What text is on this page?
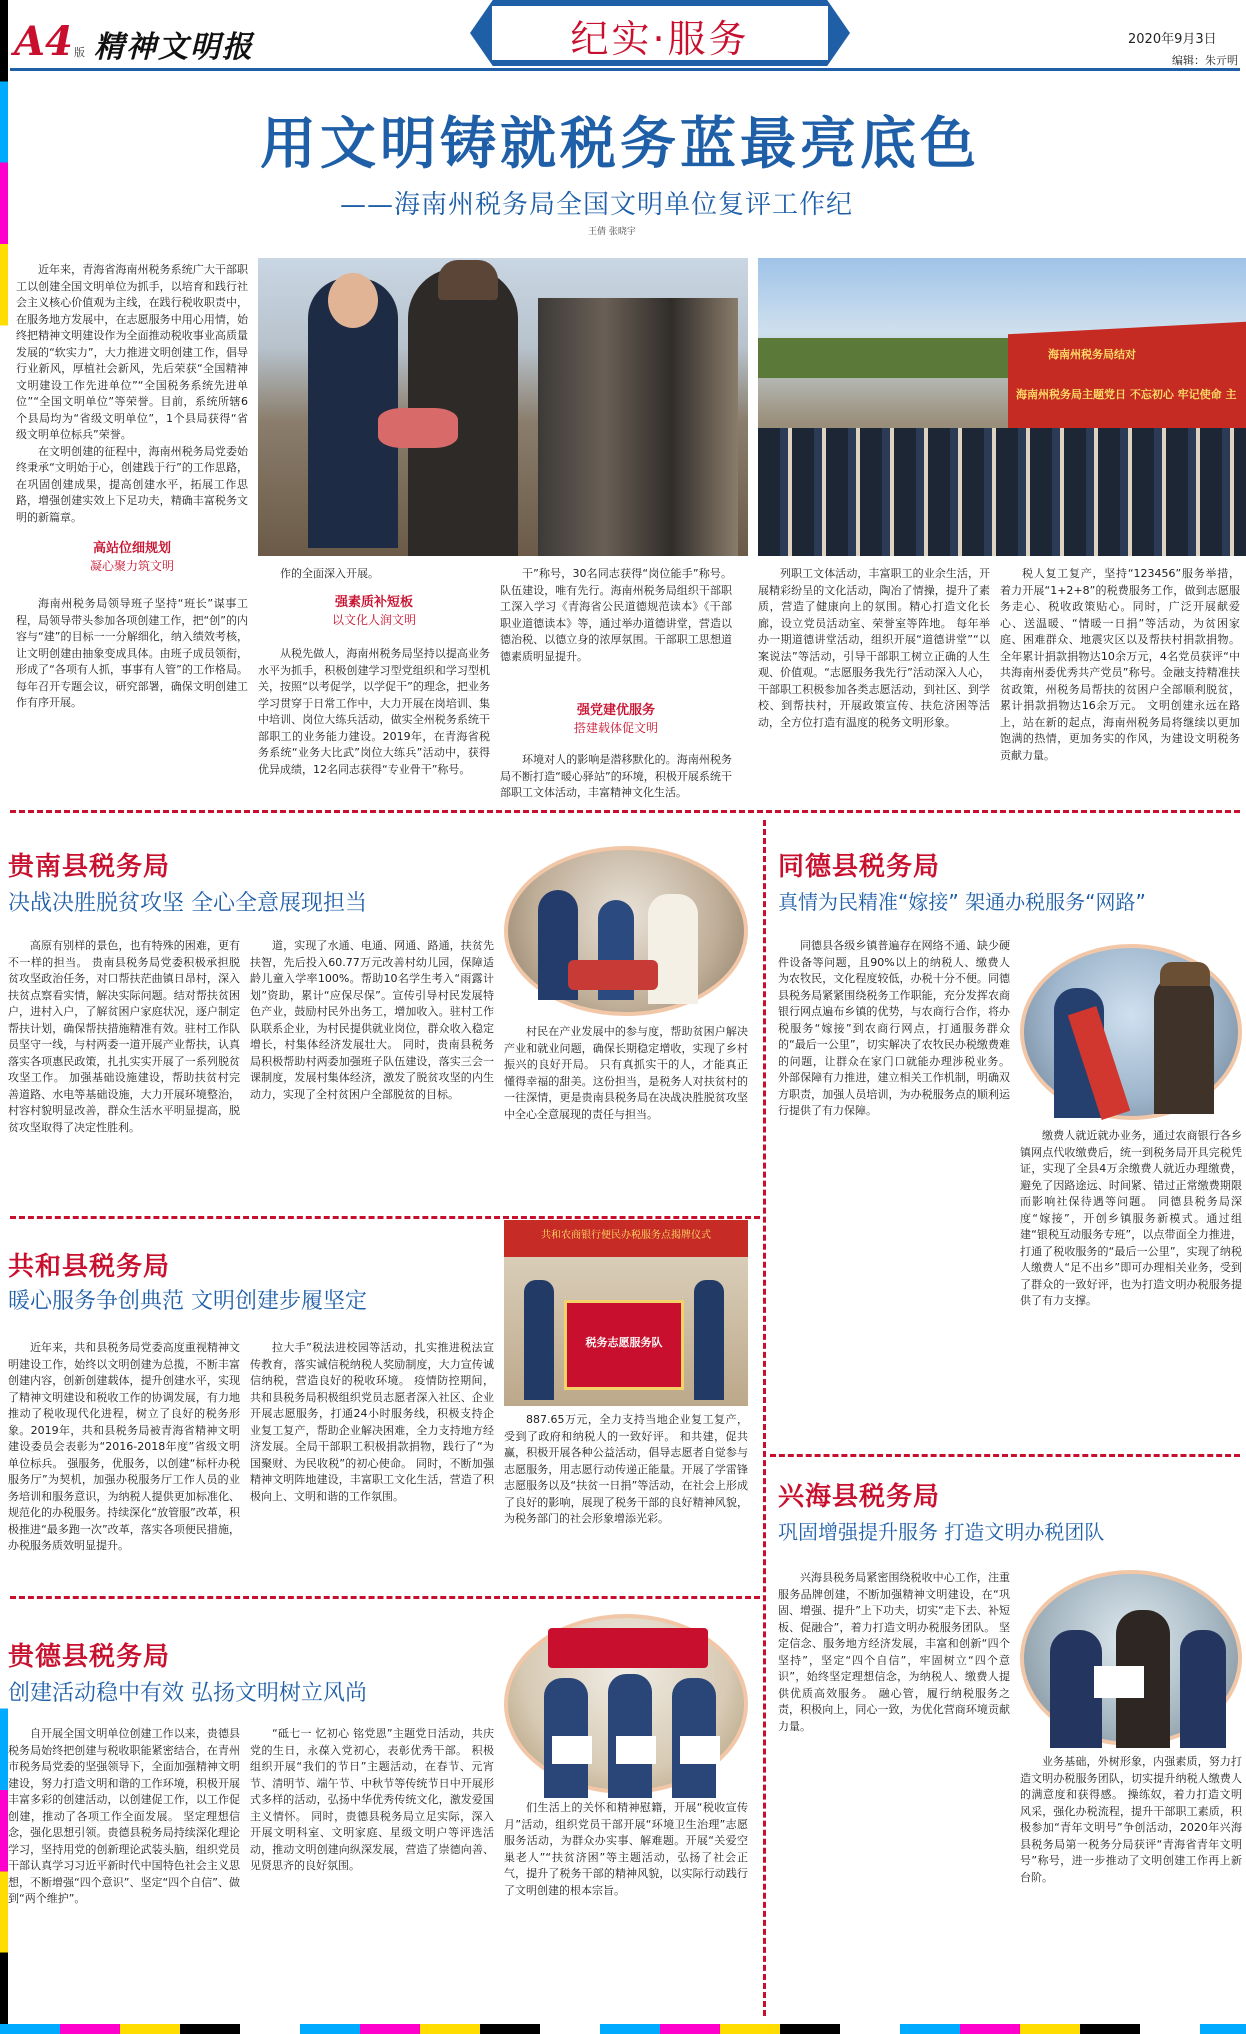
A4 版 精神文明报	纪实·服务	2020年9月3日
编辑：朱亓明
用文明铸就税务蓝最亮底色
——海南州税务局全国文明单位复评工作纪
王倩 张晓宇
海南州税务局结对
海南州税务局主题党日 不忘初心 牢记使命 主

近年来，青海省海南州税务系统广大干部职工以创建全国文明单位为抓手，以培育和践行社会主义核心价值观为主线，在践行税收职责中，在服务地方发展中，在志愿服务中用心用情，始终把精神文明建设作为全面推动税收事业高质量发展的“软实力”，大力推进文明创建工作，倡导行业新风，厚植社会新风，先后荣获“全国精神文明建设工作先进单位”“全国税务系统先进单位”“全国文明单位”等荣誉。目前，系统所辖6个县局均为“省级文明单位”，1个县局获得“省级文明单位标兵”荣誉。

在文明创建的征程中，海南州税务局党委始终秉承“文明始于心，创建践于行”的工作思路，在巩固创建成果，提高创建水平，拓展工作思路，增强创建实效上下足功夫，精确丰富税务文明的新篇章。

高站位细规划
凝心聚力筑文明

海南州税务局领导班子坚持“班长”谋事工程，局领导带头参加各项创建工作，把“创”的内容与“建”的目标一一分解细化，纳入绩效考核，让文明创建由抽象变成具体。由班子成员领衔，形成了“各项有人抓，事事有人管”的工作格局。每年召开专题会议，研究部署，确保文明创建工作有序开展。

作的全面深入开展。

强素质补短板
以文化人润文明

从税先做人，海南州税务局坚持以提高业务水平为抓手，积极创建学习型党组织和学习型机关，按照“以考促学，以学促干”的理念，把业务学习贯穿于日常工作中，大力开展在岗培训、集中培训、岗位大练兵活动，做实全州税务系统干部职工的业务能力建设。2019年，在青海省税务系统“业务大比武”岗位大练兵”活动中，获得优异成绩，12名同志获得“专业骨干”称号。

干”称号，30名同志获得“岗位能手”称号。 队伍建设，唯有先行。海南州税务局组织干部职工深入学习《青海省公民道德规范读本》《干部职业道德读本》等，通过举办道德讲堂，营造以德治税、以德立身的浓厚氛围。干部职工思想道德素质明显提升。

强党建优服务
搭建载体促文明

环境对人的影响是潜移默化的。海南州税务局不断打造“暖心驿站”的环境，积极开展系统干部职工文体活动，丰富精神文化生活。

列职工文体活动，丰富职工的业余生活，开展精彩纷呈的文化活动，陶冶了情操，提升了素质，营造了健康向上的氛围。精心打造文化长廊，设立党员活动室、荣誉室等阵地。 每年举办一期道德讲堂活动，组织开展“道德讲堂”“以案说法”等活动，引导干部职工树立正确的人生观、价值观。“志愿服务我先行”活动深入人心，干部职工积极参加各类志愿活动，到社区、到学校、到帮扶村，开展政策宣传、扶危济困等活动，全方位打造有温度的税务文明形象。

税人复工复产，坚持“123456”服务举措，着力开展“1+2+8”的税费服务工作，做到志愿服务走心、税收政策贴心。同时，广泛开展献爱心、送温暖、“情暖一日捐”等活动，为贫困家庭、困难群众、地震灾区以及帮扶村捐款捐物。全年累计捐款捐物达10余万元，4名党员获评“中共海南州委优秀共产党员”称号。金融支持精准扶贫政策，州税务局帮扶的贫困户全部顺利脱贫，累计捐款捐物达16余万元。 文明创建永远在路上，站在新的起点，海南州税务局将继续以更加饱满的热情，更加务实的作风，为建设文明税务贡献力量。

贵南县税务局
决战决胜脱贫攻坚 全心全意展现担当

高原有别样的景色，也有特殊的困难，更有不一样的担当。 贵南县税务局党委积极承担脱贫攻坚政治任务，对口帮扶茫曲镇日昂村，深入扶贫点察看实情，解决实际问题。结对帮扶贫困户，进村入户，了解贫困户家庭状况，逐户制定帮扶计划，确保帮扶措施精准有效。驻村工作队员坚守一线，与村两委一道开展产业帮扶，认真落实各项惠民政策，扎扎实实开展了一系列脱贫攻坚工作。 加强基础设施建设，帮助扶贫村完善道路、水电等基础设施，大力开展环境整治，村容村貌明显改善，群众生活水平明显提高，脱贫攻坚取得了决定性胜利。

道，实现了水通、电通、网通、路通，扶贫先扶智，先后投入60.77万元改善村幼儿园，保障适龄儿童入学率100%。帮助10名学生考入“雨露计划”资助，累计“应保尽保”。宣传引导村民发展特色产业，鼓励村民外出务工，增加收入。驻村工作队联系企业，为村民提供就业岗位，群众收入稳定增长，村集体经济发展壮大。 同时，贵南县税务局积极帮助村两委加强班子队伍建设，落实三会一课制度，发展村集体经济，激发了脱贫攻坚的内生动力，实现了全村贫困户全部脱贫的目标。

村民在产业发展中的参与度，帮助贫困户解决产业和就业问题，确保长期稳定增收，实现了乡村振兴的良好开局。 只有真抓实干的人，才能真正懂得幸福的甜美。这份担当，是税务人对扶贫村的一往深情，更是贵南县税务局在决战决胜脱贫攻坚中全心全意展现的责任与担当。

共和县税务局
暖心服务争创典范 文明创建步履坚定
共和农商银行便民办税服务点揭牌仪式
税务志愿服务队

近年来，共和县税务局党委高度重视精神文明建设工作，始终以文明创建为总揽，不断丰富创建内容，创新创建载体，提升创建水平，实现了精神文明建设和税收工作的协调发展，有力地推动了税收现代化进程，树立了良好的税务形象。2019年，共和县税务局被青海省精神文明建设委员会表彰为“2016-2018年度”省级文明单位标兵。 强服务，优服务，以创建“标杆办税服务厅”为契机，加强办税服务厅工作人员的业务培训和服务意识，为纳税人提供更加标准化、规范化的办税服务。持续深化“放管服”改革，积极推进“最多跑一次”改革，落实各项便民措施，办税服务质效明显提升。

拉大手”税法进校园等活动，扎实推进税法宣传教育，落实诚信税纳税人奖励制度，大力宣传诚信纳税，营造良好的税收环境。 疫情防控期间，共和县税务局积极组织党员志愿者深入社区、企业开展志愿服务，打通24小时服务线，积极支持企业复工复产，帮助企业解决困难，全力支持地方经济发展。全局干部职工积极捐款捐物，践行了“为国聚财、为民收税”的初心使命。 同时，不断加强精神文明阵地建设，丰富职工文化生活，营造了积极向上、文明和谐的工作氛围。

887.65万元，全力支持当地企业复工复产，受到了政府和纳税人的一致好评。 和共建，促共赢，积极开展各种公益活动，倡导志愿者自觉参与志愿服务，用志愿行动传递正能量。开展了学雷锋志愿服务以及“扶贫一日捐”等活动，在社会上形成了良好的影响，展现了税务干部的良好精神风貌，为税务部门的社会形象增添光彩。

贵德县税务局
创建活动稳中有效 弘扬文明树立风尚

自开展全国文明单位创建工作以来，贵德县税务局始终把创建与税收职能紧密结合，在青州市税务局党委的坚强领导下，全面加强精神文明建设，努力打造文明和谐的工作环境，积极开展丰富多彩的创建活动，以创建促工作，以工作促创建，推动了各项工作全面发展。 坚定理想信念，强化思想引领。贵德县税务局持续深化理论学习，坚持用党的创新理论武装头脑，组织党员干部认真学习习近平新时代中国特色社会主义思想，不断增强“四个意识”、坚定“四个自信”、做到“两个维护”。

“砥七一 忆初心 铭党恩”主题党日活动，共庆党的生日，永葆入党初心，表彰优秀干部。 积极组织开展“我们的节日”主题活动，在春节、元宵节、清明节、端午节、中秋节等传统节日中开展形式多样的活动，弘扬中华优秀传统文化，激发爱国主义情怀。 同时，贵德县税务局立足实际，深入开展文明科室、文明家庭、星级文明户等评选活动，推动文明创建向纵深发展，营造了崇德向善、见贤思齐的良好氛围。

们生活上的关怀和精神慰籍，开展“税收宣传月”活动，组织党员干部开展“环境卫生治理”志愿服务活动，为群众办实事、解难题。开展“关爱空巢老人”“扶贫济困”等主题活动，弘扬了社会正气，提升了税务干部的精神风貌，以实际行动践行了文明创建的根本宗旨。

同德县税务局
真情为民精准“嫁接” 架通办税服务“网路”

同德县各级乡镇普遍存在网络不通、缺少硬件设备等问题，且90%以上的纳税人、缴费人为农牧民，文化程度较低，办税十分不便。同德县税务局紧紧围绕税务工作职能，充分发挥农商银行网点遍布乡镇的优势，与农商行合作，将办税服务“嫁接”到农商行网点，打通服务群众的“最后一公里”，切实解决了农牧民办税缴费难的问题，让群众在家门口就能办理涉税业务。 外部保障有力推进，建立相关工作机制，明确双方职责，加强人员培训，为办税服务点的顺利运行提供了有力保障。

缴费人就近就办业务，通过农商银行各乡镇网点代收缴费后，统一到税务局开具完税凭证，实现了全县4万余缴费人就近办理缴费，避免了因路途远、时间紧、错过正常缴费期限而影响社保待遇等问题。 同德县税务局深度“嫁接”，开创乡镇服务新模式。通过组建“银税互动服务专班”，以点带面全力推进，打通了税收服务的“最后一公里”，实现了纳税人缴费人“足不出乡”即可办理相关业务，受到了群众的一致好评，也为打造文明办税服务提供了有力支撑。

兴海县税务局
巩固增强提升服务 打造文明办税团队

兴海县税务局紧密围绕税收中心工作，注重服务品牌创建，不断加强精神文明建设，在“巩固、增强、提升”上下功夫，切实“走下去、补短板、促融合”，着力打造文明办税服务团队。 坚定信念、服务地方经济发展，丰富和创新“四个坚持”，坚定“四个自信”，牢固树立“四个意识”，始终坚定理想信念，为纳税人、缴费人提供优质高效服务。 融心管，履行纳税服务之责，积极向上，同心一致，为优化营商环境贡献力量。

业务基础，外树形象，内强素质，努力打造文明办税服务团队，切实提升纳税人缴费人的满意度和获得感。 操练奴，着力打造文明风采，强化办税流程，提升干部职工素质，积极参加“青年文明号”争创活动，2020年兴海县税务局第一税务分局获评“青海省青年文明号”称号，进一步推动了文明创建工作再上新台阶。
